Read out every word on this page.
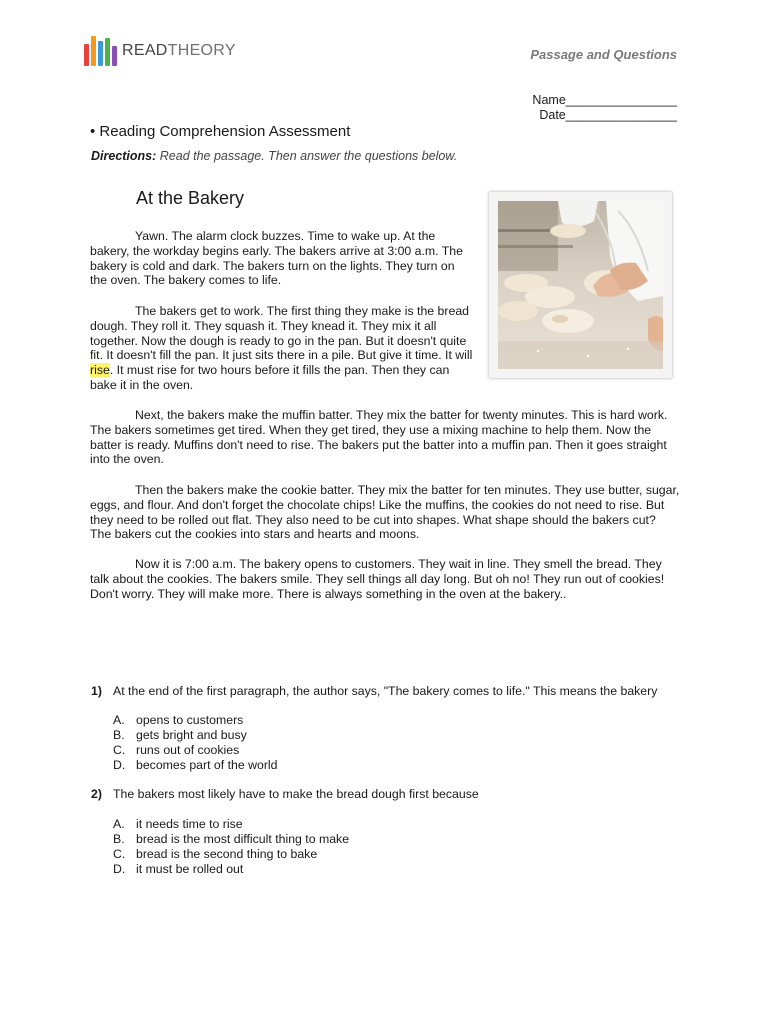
READTHEORY	Passage and Questions
Name________________
Date________________
• Reading Comprehension Assessment
Directions: Read the passage. Then answer the questions below.
At the Bakery

Yawn. The alarm clock buzzes. Time to wake up. At the bakery, the workday begins early. The bakers arrive at 3:00 a.m. The bakery is cold and dark. The bakers turn on the lights. They turn on the oven. The bakery comes to life.

The bakers get to work. The first thing they make is the bread dough. They roll it. They squash it. They knead it. They mix it all together. Now the dough is ready to go in the pan. But it doesn't quite fit. It doesn't fill the pan. It just sits there in a pile. But give it time. It will rise. It must rise for two hours before it fills the pan. Then they can bake it in the oven.

Next, the bakers make the muffin batter. They mix the batter for twenty minutes. This is hard work. The bakers sometimes get tired. When they get tired, they use a mixing machine to help them. Now the batter is ready. Muffins don't need to rise. The bakers put the batter into a muffin pan. Then it goes straight into the oven.

Then the bakers make the cookie batter. They mix the batter for ten minutes. They use butter, sugar, eggs, and flour. And don't forget the chocolate chips! Like the muffins, the cookies do not need to rise. But they need to be rolled out flat. They also need to be cut into shapes. What shape should the bakers cut? The bakers cut the cookies into stars and hearts and moons.

Now it is 7:00 a.m. The bakery opens to customers. They wait in line. They smell the bread. They talk about the cookies. The bakers smile. They sell things all day long. But oh no! They run out of cookies! Don't worry. They will make more. There is always something in the oven at the bakery..

1) At the end of the first paragraph, the author says, "The bakery comes to life." This means the bakery
A. opens to customers
B. gets bright and busy
C. runs out of cookies
D. becomes part of the world
2) The bakers most likely have to make the bread dough first because
A. it needs time to rise
B. bread is the most difficult thing to make
C. bread is the second thing to bake
D. it must be rolled out
